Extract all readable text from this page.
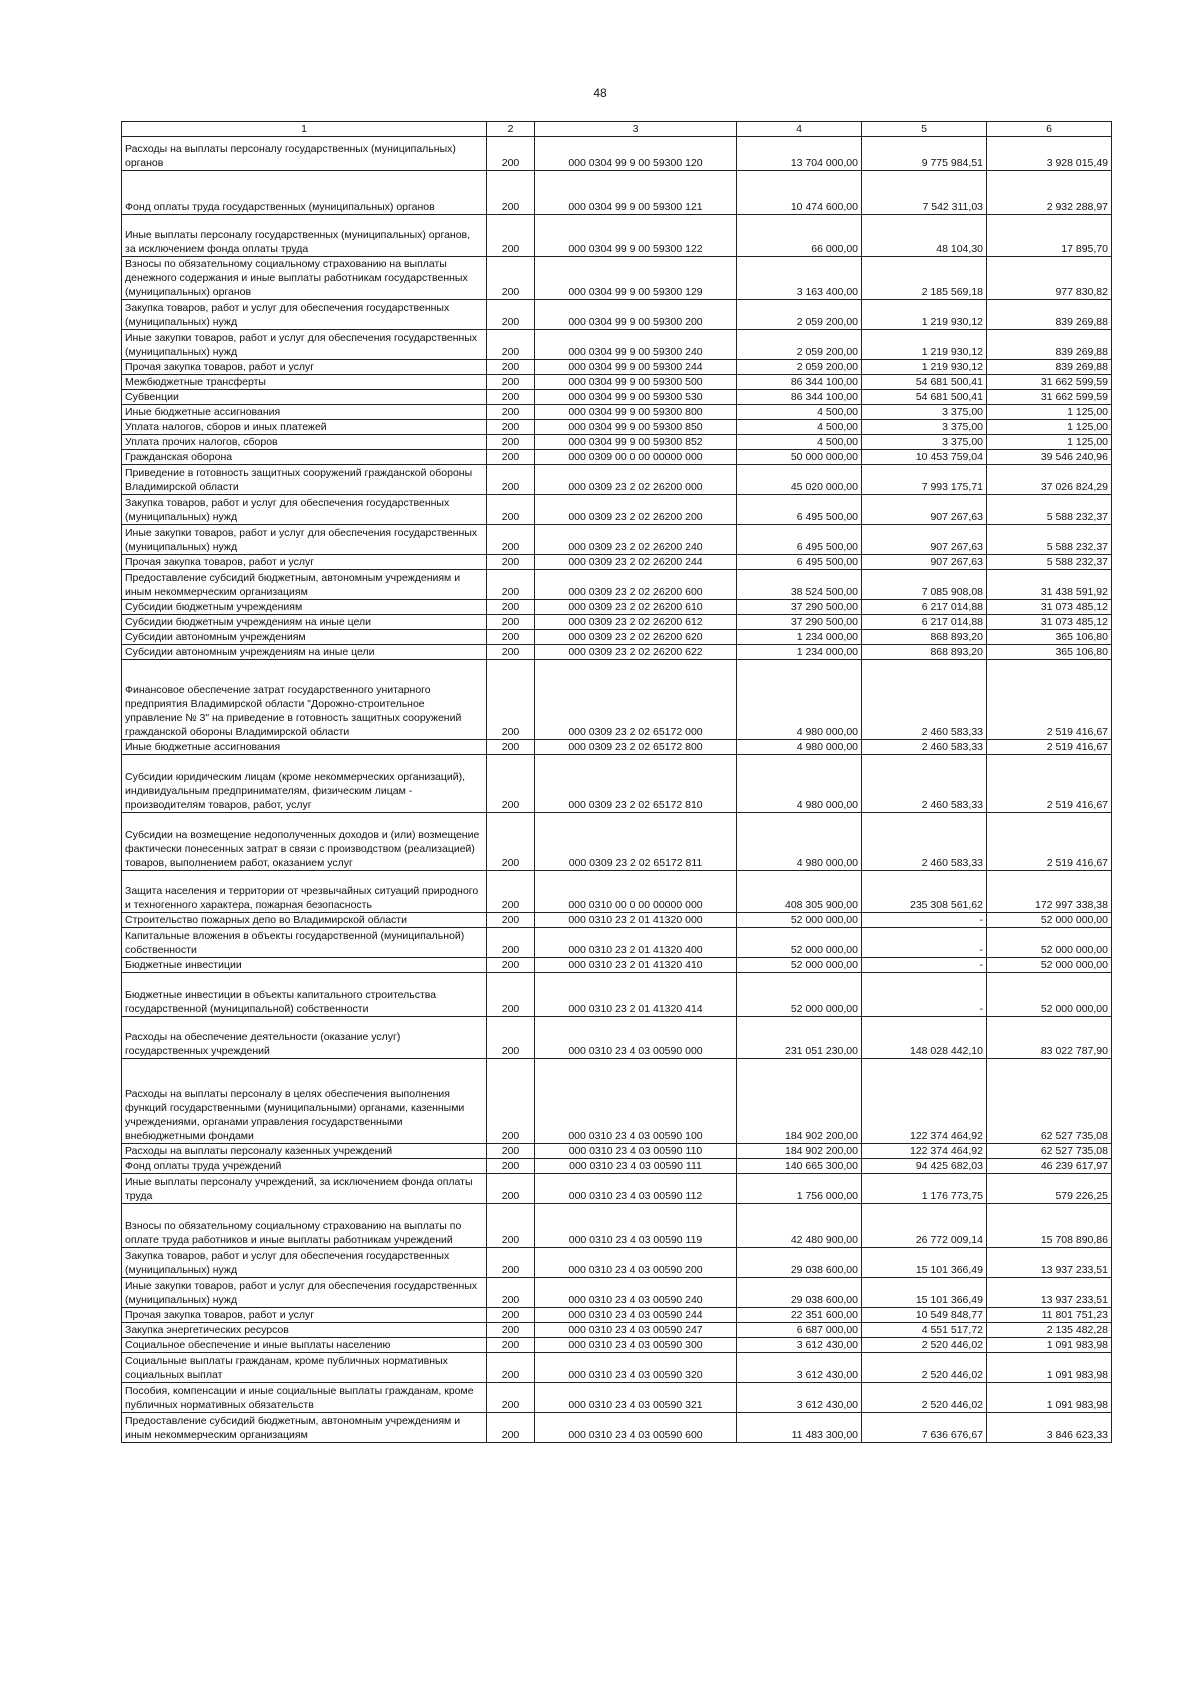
48
1	2	3	4	5	6
Расходы на выплаты персоналу государственных (муниципальных) органов	200	000 0304 99 9 00 59300 120	13 704 000,00	9 775 984,51	3 928 015,49
Фонд оплаты труда государственных (муниципальных) органов	200	000 0304 99 9 00 59300 121	10 474 600,00	7 542 311,03	2 932 288,97
Иные выплаты персоналу государственных (муниципальных) органов, за исключением фонда оплаты труда	200	000 0304 99 9 00 59300 122	66 000,00	48 104,30	17 895,70
Взносы по обязательному социальному страхованию на выплаты денежного содержания и иные выплаты работникам государственных (муниципальных) органов	200	000 0304 99 9 00 59300 129	3 163 400,00	2 185 569,18	977 830,82
Закупка товаров, работ и услуг для обеспечения государственных (муниципальных) нужд	200	000 0304 99 9 00 59300 200	2 059 200,00	1 219 930,12	839 269,88
Иные закупки товаров, работ и услуг для обеспечения государственных (муниципальных) нужд	200	000 0304 99 9 00 59300 240	2 059 200,00	1 219 930,12	839 269,88
Прочая закупка товаров, работ и услуг	200	000 0304 99 9 00 59300 244	2 059 200,00	1 219 930,12	839 269,88
Межбюджетные трансферты	200	000 0304 99 9 00 59300 500	86 344 100,00	54 681 500,41	31 662 599,59
Субвенции	200	000 0304 99 9 00 59300 530	86 344 100,00	54 681 500,41	31 662 599,59
Иные бюджетные ассигнования	200	000 0304 99 9 00 59300 800	4 500,00	3 375,00	1 125,00
Уплата налогов, сборов и иных платежей	200	000 0304 99 9 00 59300 850	4 500,00	3 375,00	1 125,00
Уплата прочих налогов, сборов	200	000 0304 99 9 00 59300 852	4 500,00	3 375,00	1 125,00
Гражданская оборона	200	000 0309 00 0 00 00000 000	50 000 000,00	10 453 759,04	39 546 240,96
Приведение в готовность защитных сооружений гражданской обороны Владимирской области	200	000 0309 23 2 02 26200 000	45 020 000,00	7 993 175,71	37 026 824,29
Закупка товаров, работ и услуг для обеспечения государственных (муниципальных) нужд	200	000 0309 23 2 02 26200 200	6 495 500,00	907 267,63	5 588 232,37
Иные закупки товаров, работ и услуг для обеспечения государственных (муниципальных) нужд	200	000 0309 23 2 02 26200 240	6 495 500,00	907 267,63	5 588 232,37
Прочая закупка товаров, работ и услуг	200	000 0309 23 2 02 26200 244	6 495 500,00	907 267,63	5 588 232,37
Предоставление субсидий бюджетным, автономным учреждениям и иным некоммерческим организациям	200	000 0309 23 2 02 26200 600	38 524 500,00	7 085 908,08	31 438 591,92
Субсидии бюджетным учреждениям	200	000 0309 23 2 02 26200 610	37 290 500,00	6 217 014,88	31 073 485,12
Субсидии бюджетным учреждениям на иные цели	200	000 0309 23 2 02 26200 612	37 290 500,00	6 217 014,88	31 073 485,12
Субсидии автономным учреждениям	200	000 0309 23 2 02 26200 620	1 234 000,00	868 893,20	365 106,80
Субсидии автономным учреждениям на иные цели	200	000 0309 23 2 02 26200 622	1 234 000,00	868 893,20	365 106,80
Финансовое обеспечение затрат государственного унитарного предприятия Владимирской области "Дорожно-строительное управление № 3" на приведение в готовность защитных сооружений гражданской обороны Владимирской области	200	000 0309 23 2 02 65172 000	4 980 000,00	2 460 583,33	2 519 416,67
Иные бюджетные ассигнования	200	000 0309 23 2 02 65172 800	4 980 000,00	2 460 583,33	2 519 416,67
Субсидии юридическим лицам (кроме некоммерческих организаций), индивидуальным предпринимателям, физическим лицам - производителям товаров, работ, услуг	200	000 0309 23 2 02 65172 810	4 980 000,00	2 460 583,33	2 519 416,67
Субсидии на возмещение недополученных доходов и (или) возмещение фактически понесенных затрат в связи с производством (реализацией) товаров, выполнением работ, оказанием услуг	200	000 0309 23 2 02 65172 811	4 980 000,00	2 460 583,33	2 519 416,67
Защита населения и территории от чрезвычайных ситуаций природного и техногенного характера, пожарная безопасность	200	000 0310 00 0 00 00000 000	408 305 900,00	235 308 561,62	172 997 338,38
Строительство пожарных депо во Владимирской области	200	000 0310 23 2 01 41320 000	52 000 000,00	-	52 000 000,00
Капитальные вложения в объекты государственной (муниципальной) собственности	200	000 0310 23 2 01 41320 400	52 000 000,00	-	52 000 000,00
Бюджетные инвестиции	200	000 0310 23 2 01 41320 410	52 000 000,00	-	52 000 000,00
Бюджетные инвестиции в объекты капитального строительства государственной (муниципальной) собственности	200	000 0310 23 2 01 41320 414	52 000 000,00	-	52 000 000,00
Расходы на обеспечение деятельности (оказание услуг) государственных учреждений	200	000 0310 23 4 03 00590 000	231 051 230,00	148 028 442,10	83 022 787,90
Расходы на выплаты персоналу в целях обеспечения выполнения функций государственными (муниципальными) органами, казенными учреждениями, органами управления государственными внебюджетными фондами	200	000 0310 23 4 03 00590 100	184 902 200,00	122 374 464,92	62 527 735,08
Расходы на выплаты персоналу казенных учреждений	200	000 0310 23 4 03 00590 110	184 902 200,00	122 374 464,92	62 527 735,08
Фонд оплаты труда учреждений	200	000 0310 23 4 03 00590 111	140 665 300,00	94 425 682,03	46 239 617,97
Иные выплаты персоналу учреждений, за исключением фонда оплаты труда	200	000 0310 23 4 03 00590 112	1 756 000,00	1 176 773,75	579 226,25
Взносы по обязательному социальному страхованию на выплаты по оплате труда работников и иные выплаты работникам учреждений	200	000 0310 23 4 03 00590 119	42 480 900,00	26 772 009,14	15 708 890,86
Закупка товаров, работ и услуг для обеспечения государственных (муниципальных) нужд	200	000 0310 23 4 03 00590 200	29 038 600,00	15 101 366,49	13 937 233,51
Иные закупки товаров, работ и услуг для обеспечения государственных (муниципальных) нужд	200	000 0310 23 4 03 00590 240	29 038 600,00	15 101 366,49	13 937 233,51
Прочая закупка товаров, работ и услуг	200	000 0310 23 4 03 00590 244	22 351 600,00	10 549 848,77	11 801 751,23
Закупка энергетических ресурсов	200	000 0310 23 4 03 00590 247	6 687 000,00	4 551 517,72	2 135 482,28
Социальное обеспечение и иные выплаты населению	200	000 0310 23 4 03 00590 300	3 612 430,00	2 520 446,02	1 091 983,98
Социальные выплаты гражданам, кроме публичных нормативных социальных выплат	200	000 0310 23 4 03 00590 320	3 612 430,00	2 520 446,02	1 091 983,98
Пособия, компенсации и иные социальные выплаты гражданам, кроме публичных нормативных обязательств	200	000 0310 23 4 03 00590 321	3 612 430,00	2 520 446,02	1 091 983,98
Предоставление субсидий бюджетным, автономным учреждениям и иным некоммерческим организациям	200	000 0310 23 4 03 00590 600	11 483 300,00	7 636 676,67	3 846 623,33
